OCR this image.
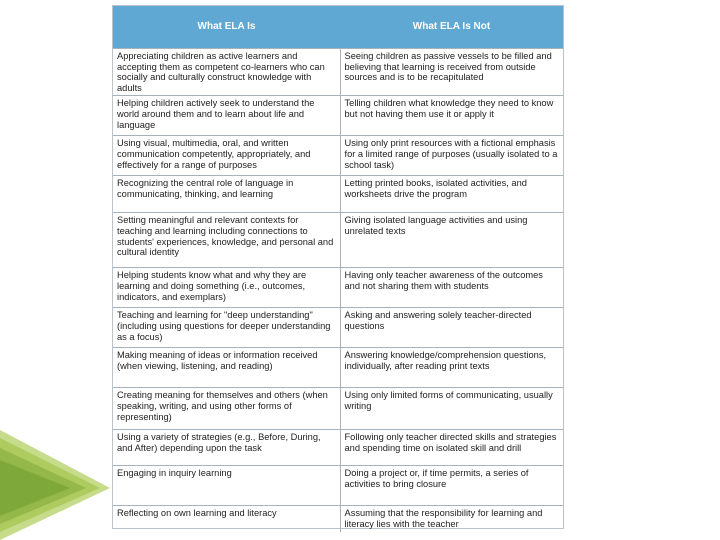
What ELA Is	What ELA Is Not
Appreciating children as active learners and accepting them as competent co-learners who can socially and culturally construct knowledge with adults	Seeing children as passive vessels to be filled and believing that learning is received from outside sources and is to be recapitulated
Helping children actively seek to understand the world around them and to learn about life and language	Telling children what knowledge they need to know but not having them use it or apply it
Using visual, multimedia, oral, and written communication competently, appropriately, and effectively for a range of purposes	Using only print resources with a fictional emphasis for a limited range of purposes (usually isolated to a school task)
Recognizing the central role of language in communicating, thinking, and learning	Letting printed books, isolated activities, and worksheets drive the program
Setting meaningful and relevant contexts for teaching and learning including connections to students' experiences, knowledge, and personal and cultural identity	Giving isolated language activities and using unrelated texts
Helping students know what and why they are learning and doing something (i.e., outcomes, indicators, and exemplars)	Having only teacher awareness of the outcomes and not sharing them with students
Teaching and learning for "deep understanding" (including using questions for deeper understanding as a focus)	Asking and answering solely teacher-directed questions
Making meaning of ideas or information received (when viewing, listening, and reading)	Answering knowledge/comprehension questions, individually, after reading print texts
Creating meaning for themselves and others (when speaking, writing, and using other forms of representing)	Using only limited forms of communicating, usually writing
Using a variety of strategies (e.g., Before, During, and After) depending upon the task	Following only teacher directed skills and strategies and spending time on isolated skill and drill
Engaging in inquiry learning	Doing a project or, if time permits, a series of activities to bring closure
Reflecting on own learning and literacy	Assuming that the responsibility for learning and literacy lies with the teacher
